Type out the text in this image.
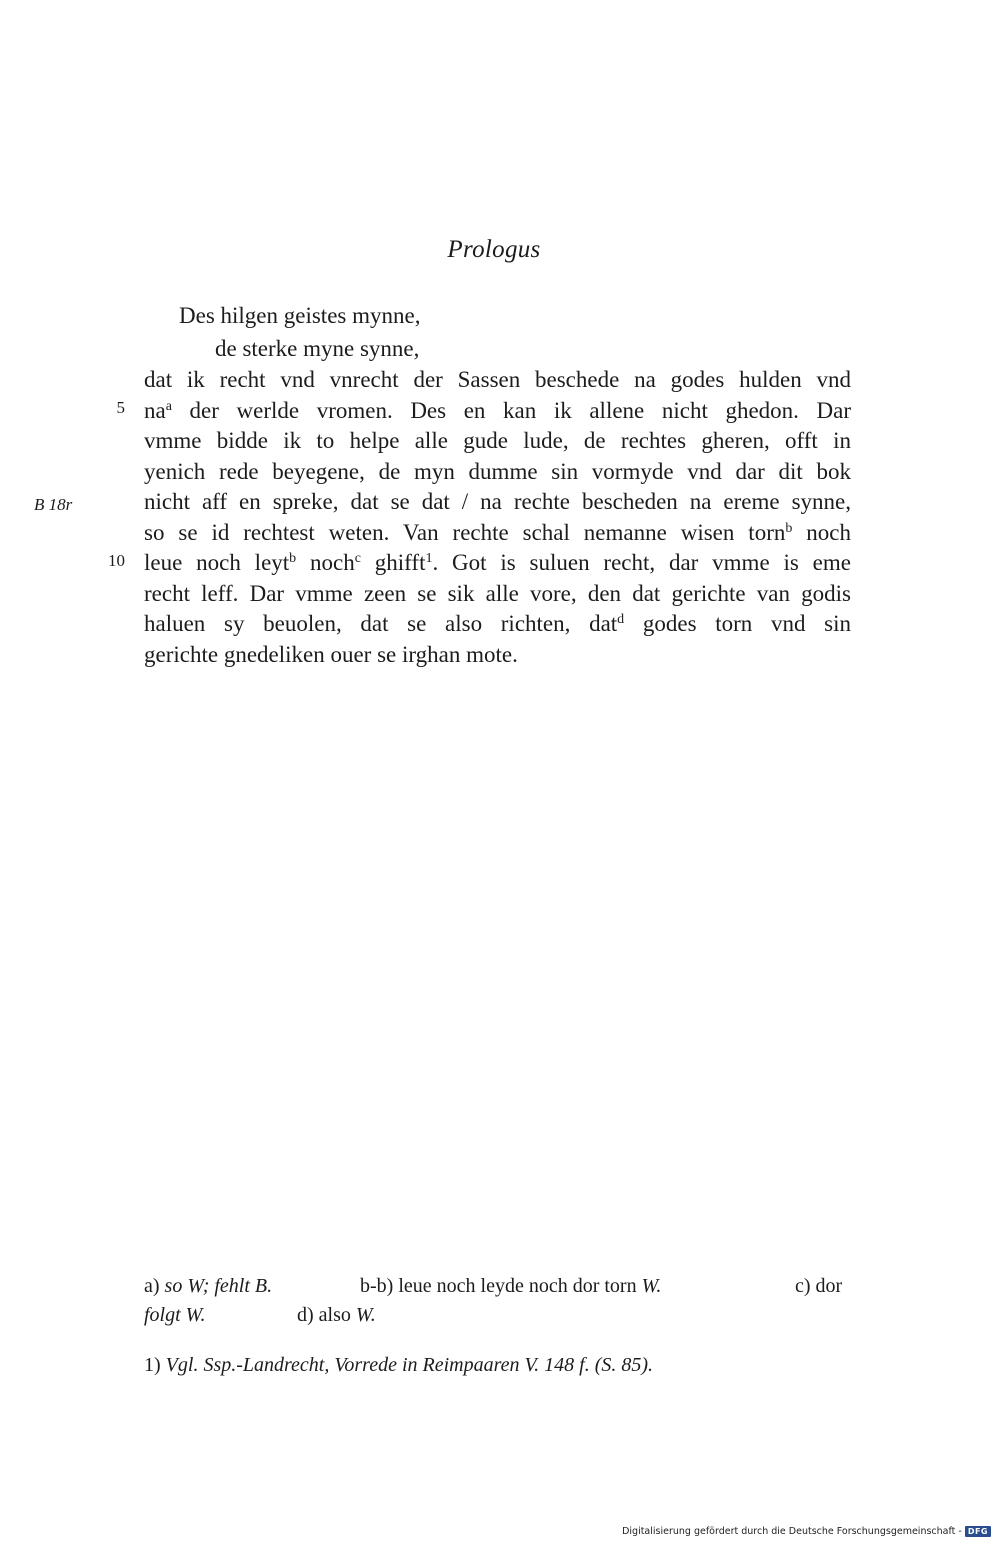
Prologus
Des hilgen geistes mynne,
de sterke myne synne,
dat ik recht vnd vnrecht der Sassen beschede na godes hulden vnd
$na^a$ der werlde vromen. Des en kan ik allene nicht ghedon. Dar
vmme bidde ik to helpe alle gude lude, de rechtes gheren, offt in
yenich rede beyegene, de myn dumme sin vormyde vnd dar dit bok
nicht aff en spreke, dat se dat / na rechte bescheden na ereme synne,
so se id rechtest weten. Van rechte schal nemanne wisen torn$^b$ noch
leue noch leyt$^b$ noch$^c$ ghifft$^1$. Got is suluen recht, dar vmme is eme
recht leff. Dar vmme zeen se sik alle vore, den dat gerichte van godis
haluen sy beuolen, dat se also richten, dat$^d$ godes torn vnd sin
gerichte gnedeliken ouer se irghan mote.
5
10
B 18r
a) so W; fehlt B.	b-b) leue noch leyde noch dor torn W.	c) dor
folgt W.	d) also W.
1) Vgl. Ssp.-Landrecht, Vorrede in Reimpaaren V. 148 f. (S. 85).
Digitalisierung gefördert durch die Deutsche Forschungsgemeinschaft - DFG
